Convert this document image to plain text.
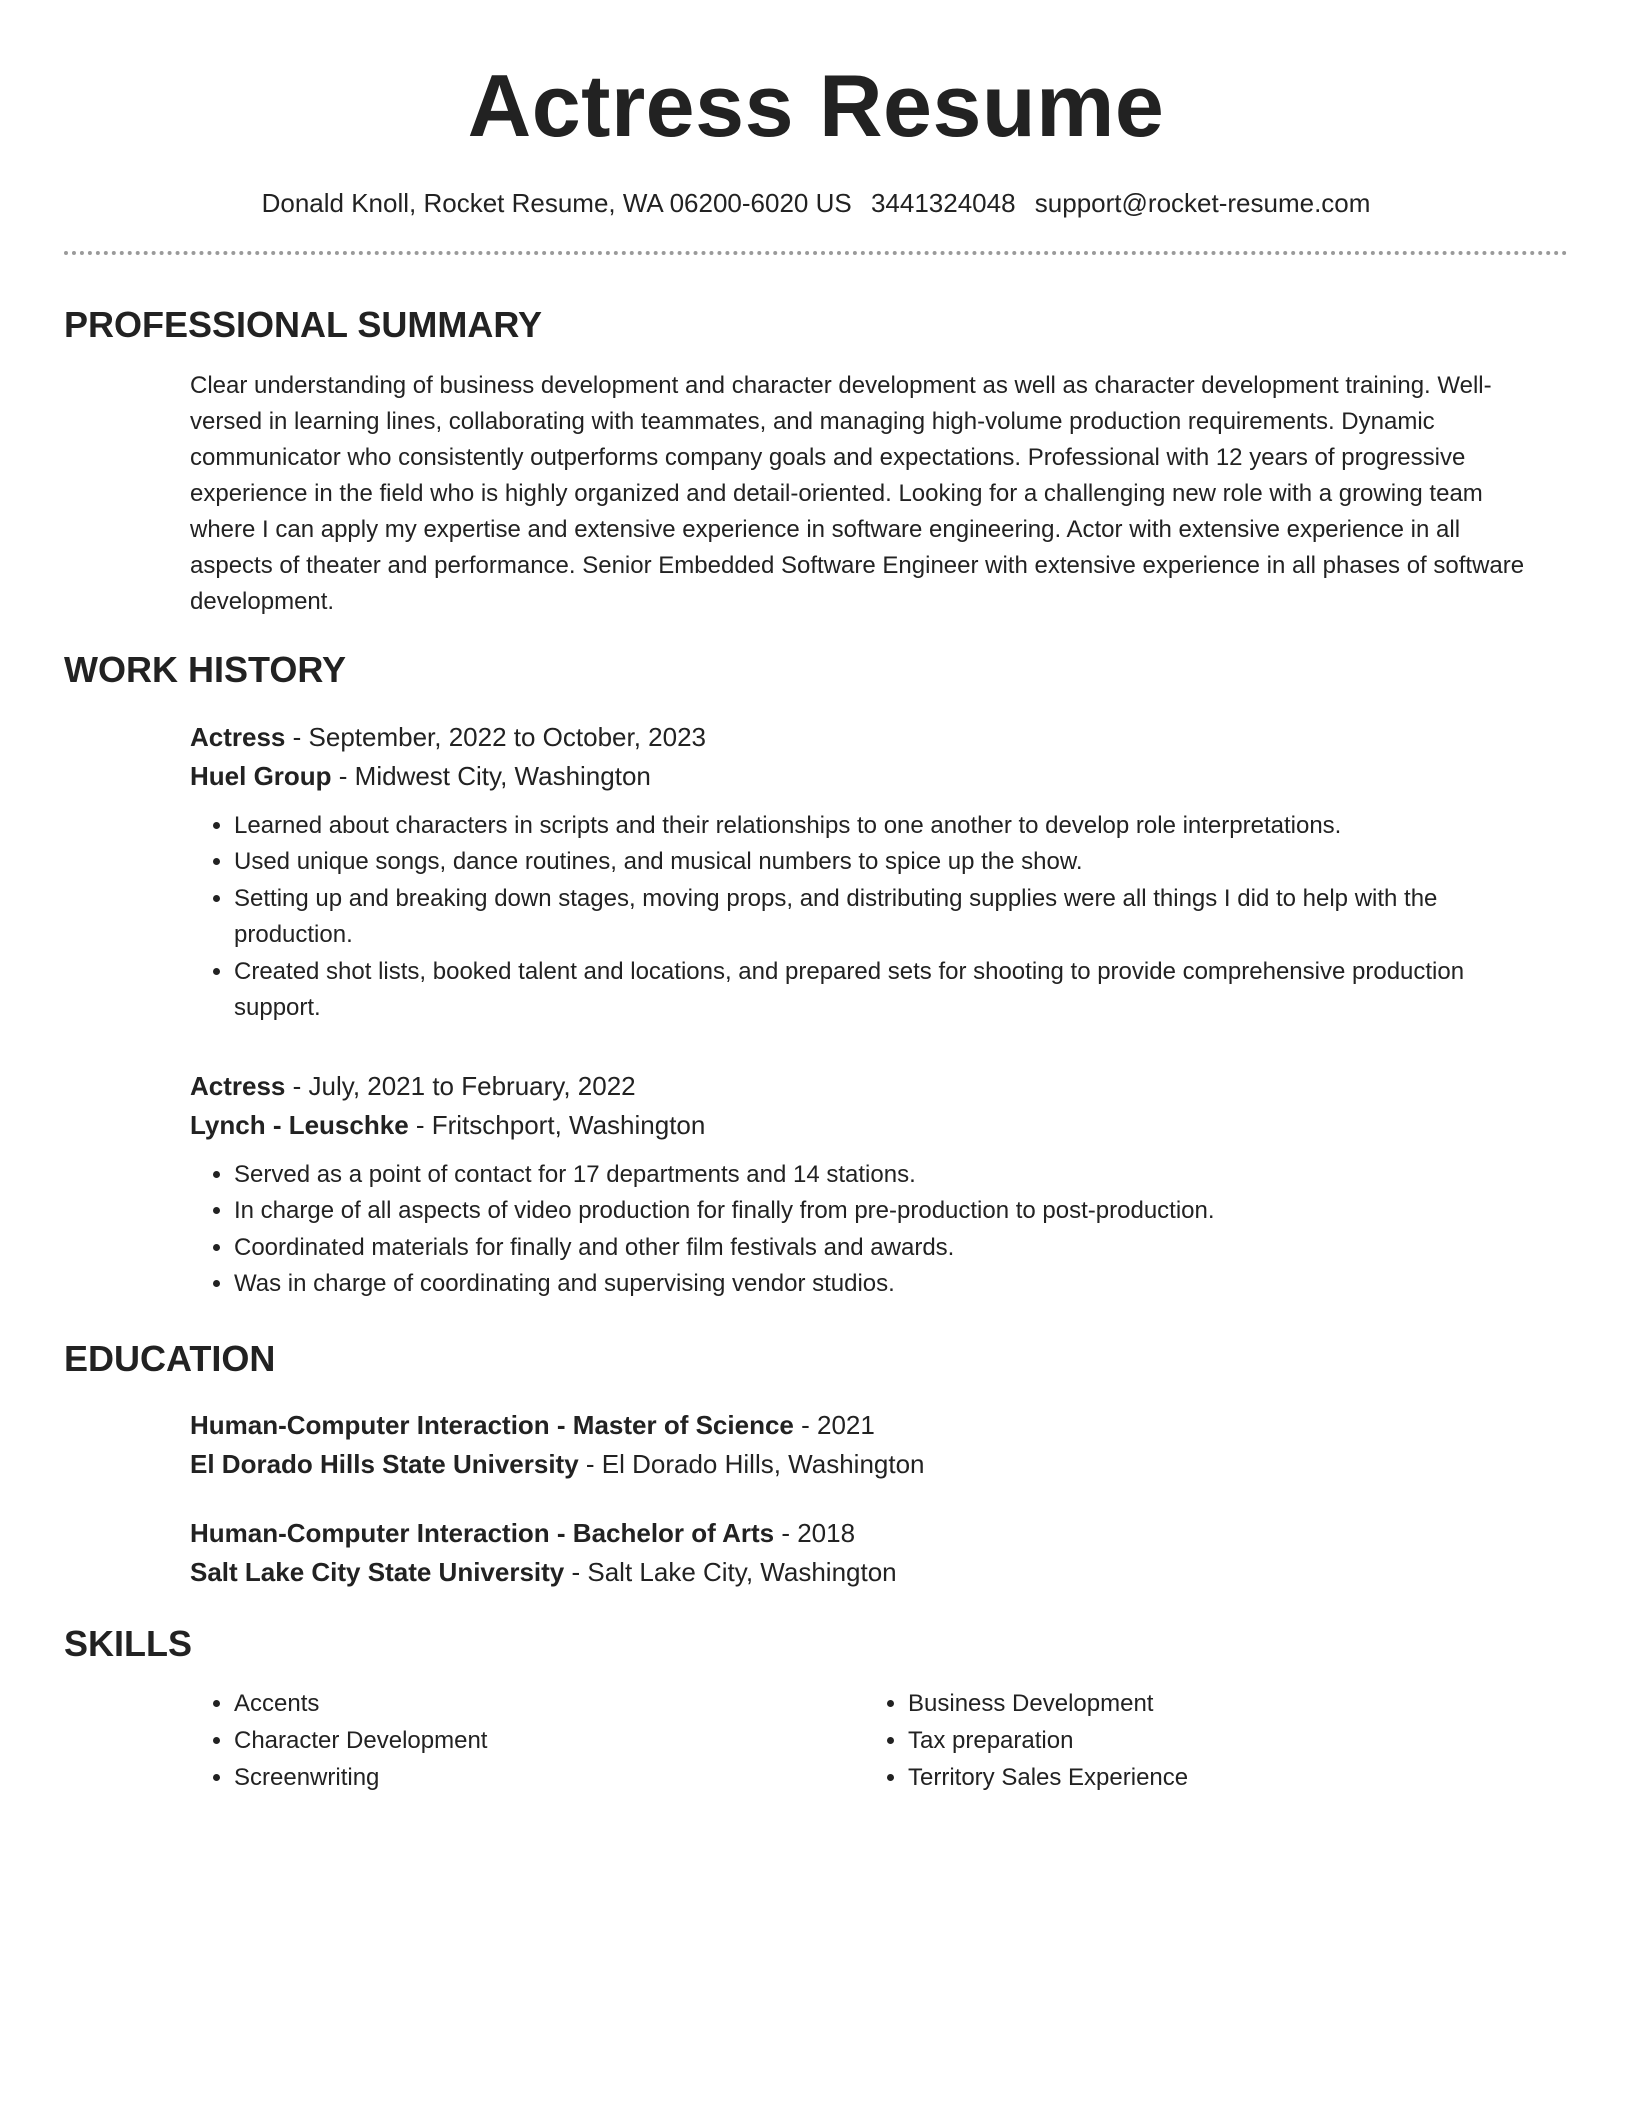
Actress Resume
Donald Knoll, Rocket Resume, WA 06200-6020 US 3441324048 support@rocket-resume.com
PROFESSIONAL SUMMARY
Clear understanding of business development and character development as well as character development training. Well-versed in learning lines, collaborating with teammates, and managing high-volume production requirements. Dynamic communicator who consistently outperforms company goals and expectations. Professional with 12 years of progressive experience in the field who is highly organized and detail-oriented. Looking for a challenging new role with a growing team where I can apply my expertise and extensive experience in software engineering. Actor with extensive experience in all aspects of theater and performance. Senior Embedded Software Engineer with extensive experience in all phases of software development.
WORK HISTORY
Actress - September, 2022 to October, 2023
Huel Group - Midwest City, Washington
• Learned about characters in scripts and their relationships to one another to develop role interpretations.
• Used unique songs, dance routines, and musical numbers to spice up the show.
• Setting up and breaking down stages, moving props, and distributing supplies were all things I did to help with the production.
• Created shot lists, booked talent and locations, and prepared sets for shooting to provide comprehensive production support.
Actress - July, 2021 to February, 2022
Lynch - Leuschke - Fritschport, Washington
• Served as a point of contact for 17 departments and 14 stations.
• In charge of all aspects of video production for finally from pre-production to post-production.
• Coordinated materials for finally and other film festivals and awards.
• Was in charge of coordinating and supervising vendor studios.
EDUCATION
Human-Computer Interaction - Master of Science - 2021
El Dorado Hills State University - El Dorado Hills, Washington
Human-Computer Interaction - Bachelor of Arts - 2018
Salt Lake City State University - Salt Lake City, Washington
SKILLS
• Accents
• Character Development
• Screenwriting
• Business Development
• Tax preparation
• Territory Sales Experience
